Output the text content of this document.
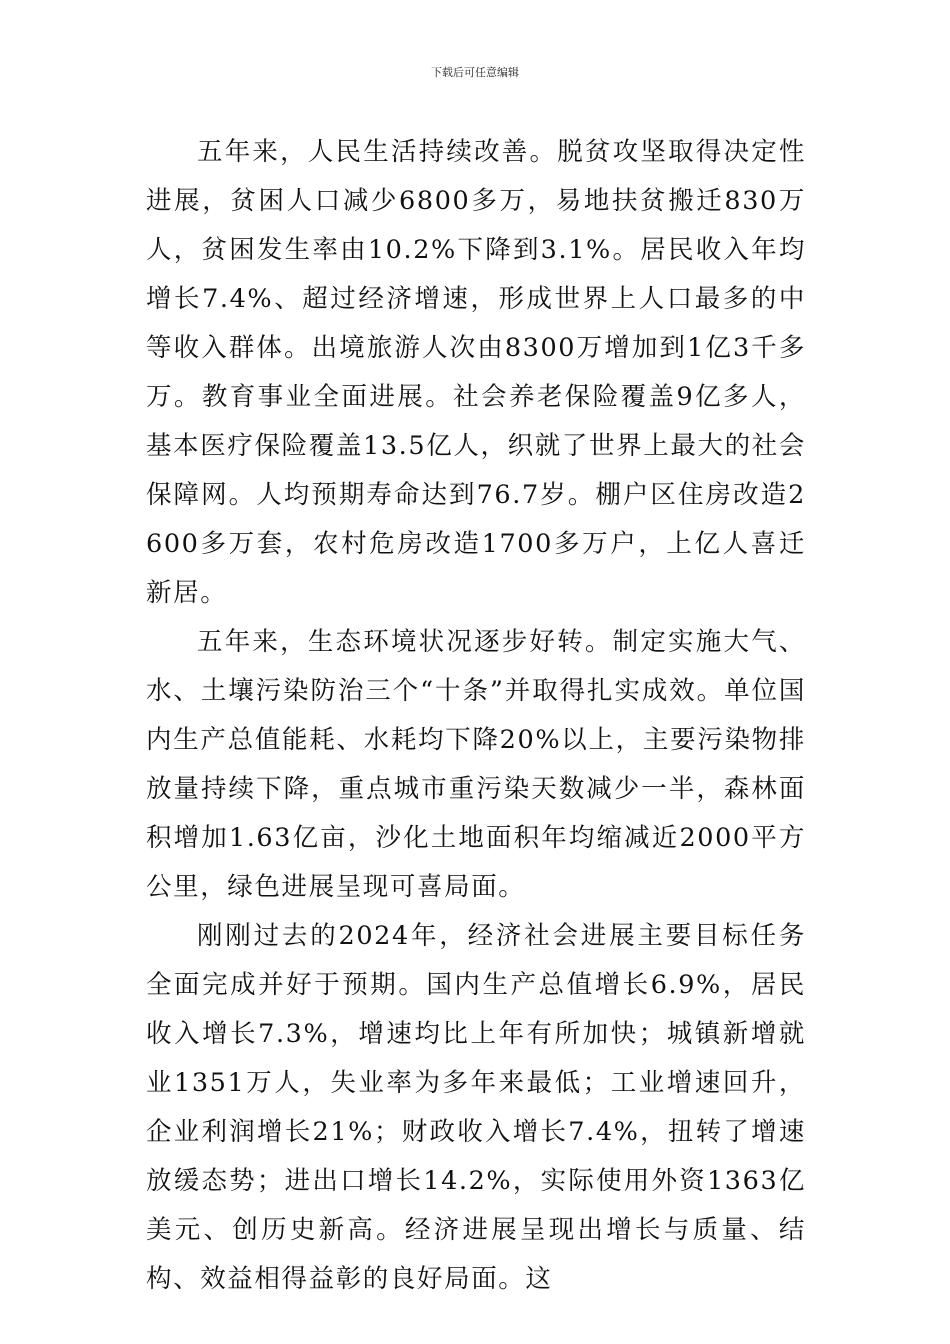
下载后可任意编辑

五年来，人民生活持续改善。脱贫攻坚取得决定性进展，贫困人口减少6800多万，易地扶贫搬迁830万人，贫困发生率由10.2%下降到3.1%。居民收入年均增长7.4%、超过经济增速，形成世界上人口最多的中等收入群体。出境旅游人次由8300万增加到1亿3千多万。教育事业全面进展。社会养老保险覆盖9亿多人，基本医疗保险覆盖13.5亿人，织就了世界上最大的社会保障网。人均预期寿命达到76.7岁。棚户区住房改造2600多万套，农村危房改造1700多万户，上亿人喜迁新居。

五年来，生态环境状况逐步好转。制定实施大气、水、土壤污染防治三个“十条”并取得扎实成效。单位国内生产总值能耗、水耗均下降20%以上，主要污染物排放量持续下降，重点城市重污染天数减少一半，森林面积增加1.63亿亩，沙化土地面积年均缩减近2000平方公里，绿色进展呈现可喜局面。

刚刚过去的2024年，经济社会进展主要目标任务全面完成并好于预期。国内生产总值增长6.9%，居民收入增长7.3%，增速均比上年有所加快；城镇新增就业1351万人，失业率为多年来最低；工业增速回升，企业利润增长21%；财政收入增长7.4%，扭转了增速放缓态势；进出口增长14.2%，实际使用外资1363亿美元、创历史新高。经济进展呈现出增长与质量、结构、效益相得益彰的良好局面。这
